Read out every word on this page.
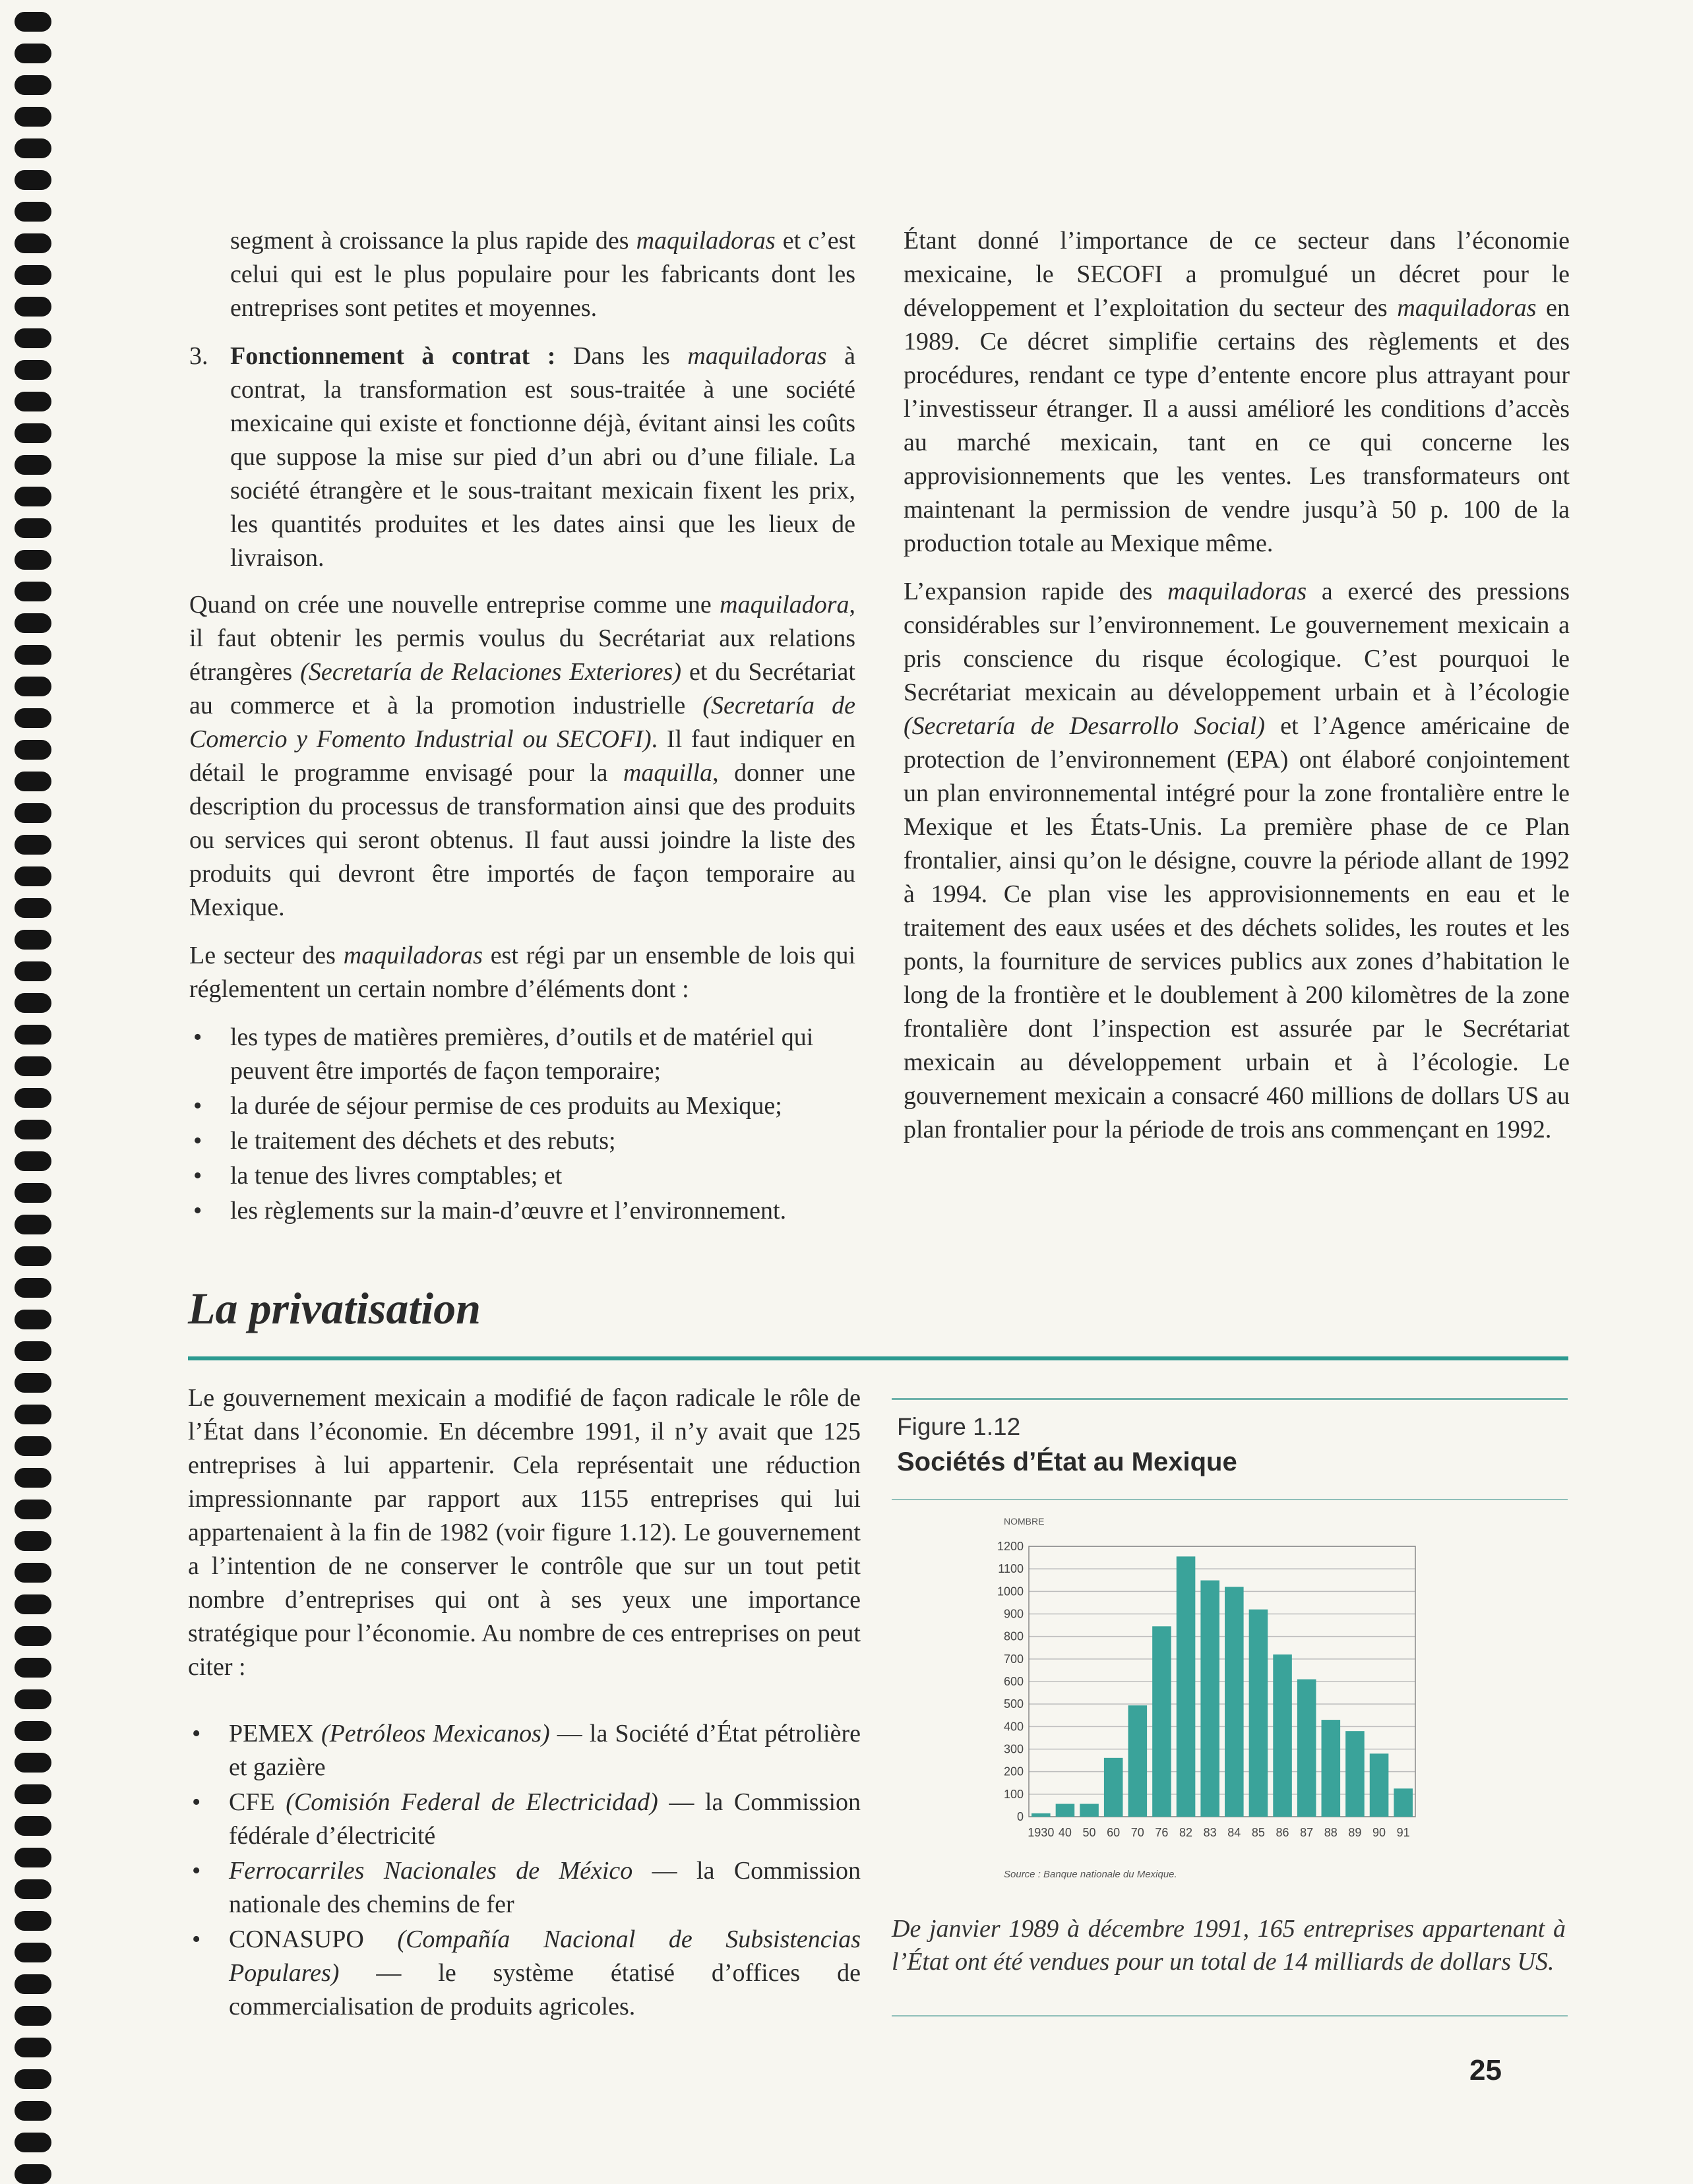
segment à croissance la plus rapide des maquiladoras et c’est celui qui est le plus populaire pour les fabricants dont les entreprises sont petites et moyennes.

3. Fonctionnement à contrat : Dans les maquiladoras à contrat, la transformation est sous-traitée à une société mexicaine qui existe et fonctionne déjà, évitant ainsi les coûts que suppose la mise sur pied d’un abri ou d’une filiale. La société étrangère et le sous-traitant mexicain fixent les prix, les quantités produites et les dates ainsi que les lieux de livraison.

Quand on crée une nouvelle entreprise comme une maquiladora, il faut obtenir les permis voulus du Secrétariat aux relations étrangères (Secretaría de Relaciones Exteriores) et du Secrétariat au commerce et à la promotion industrielle (Secretaría de Comercio y Fomento Industrial ou SECOFI). Il faut indiquer en détail le programme envisagé pour la maquilla, donner une description du processus de transformation ainsi que des produits ou services qui seront obtenus. Il faut aussi joindre la liste des produits qui devront être importés de façon temporaire au Mexique.

Le secteur des maquiladoras est régi par un ensemble de lois qui réglementent un certain nombre d’éléments dont :

• les types de matières premières, d’outils et de matériel qui peuvent être importés de façon temporaire;
• la durée de séjour permise de ces produits au Mexique;
• le traitement des déchets et des rebuts;
• la tenue des livres comptables; et
• les règlements sur la main-d’œuvre et l’environnement.

Étant donné l’importance de ce secteur dans l’économie mexicaine, le SECOFI a promulgué un décret pour le développement et l’exploitation du secteur des maquiladoras en 1989. Ce décret simplifie certains des règlements et des procédures, rendant ce type d’entente encore plus attrayant pour l’investisseur étranger. Il a aussi amélioré les conditions d’accès au marché mexicain, tant en ce qui concerne les approvisionnements que les ventes. Les transformateurs ont maintenant la permission de vendre jusqu’à 50 p. 100 de la production totale au Mexique même.

L’expansion rapide des maquiladoras a exercé des pressions considérables sur l’environnement. Le gouvernement mexicain a pris conscience du risque écologique. C’est pourquoi le Secrétariat mexicain au développement urbain et à l’écologie (Secretaría de Desarrollo Social) et l’Agence américaine de protection de l’environnement (EPA) ont élaboré conjointement un plan environnemental intégré pour la zone frontalière entre le Mexique et les États-Unis. La première phase de ce Plan frontalier, ainsi qu’on le désigne, couvre la période allant de 1992 à 1994. Ce plan vise les approvisionnements en eau et le traitement des eaux usées et des déchets solides, les routes et les ponts, la fourniture de services publics aux zones d’habitation le long de la frontière et le doublement à 200 kilomètres de la zone frontalière dont l’inspection est assurée par le Secrétariat mexicain au développement urbain et à l’écologie. Le gouvernement mexicain a consacré 460 millions de dollars US au plan frontalier pour la période de trois ans commençant en 1992.

La privatisation

Le gouvernement mexicain a modifié de façon radicale le rôle de l’État dans l’économie. En décembre 1991, il n’y avait que 125 entreprises à lui appartenir. Cela représentait une réduction impressionnante par rapport aux 1155 entreprises qui lui appartenaient à la fin de 1982 (voir figure 1.12). Le gouvernement a l’intention de ne conserver le contrôle que sur un tout petit nombre d’entreprises qui ont à ses yeux une importance stratégique pour l’économie. Au nombre de ces entreprises on peut citer :

• PEMEX (Petróleos Mexicanos) — la Société d’État pétrolière et gazière
• CFE (Comisión Federal de Electricidad) — la Commission fédérale d’électricité
• Ferrocarriles Nacionales de México — la Commission nationale des chemins de fer
• CONASUPO (Compañía Nacional de Subsistencias Populares) — le système étatisé d’offices de commercialisation de produits agricoles.
Figure 1.12
Sociétés d’État au Mexique
NOMBRE
0
100
200
300
400
500
600
700
800
900
1000
1100
1200
1930 40 50 60 70 76 82 83 84 85 86 87 88 89 90 91
Source : Banque nationale du Mexique.
De janvier 1989 à décembre 1991, 165 entreprises appartenant à l’État ont été vendues pour un total de 14 milliards de dollars US.
25
